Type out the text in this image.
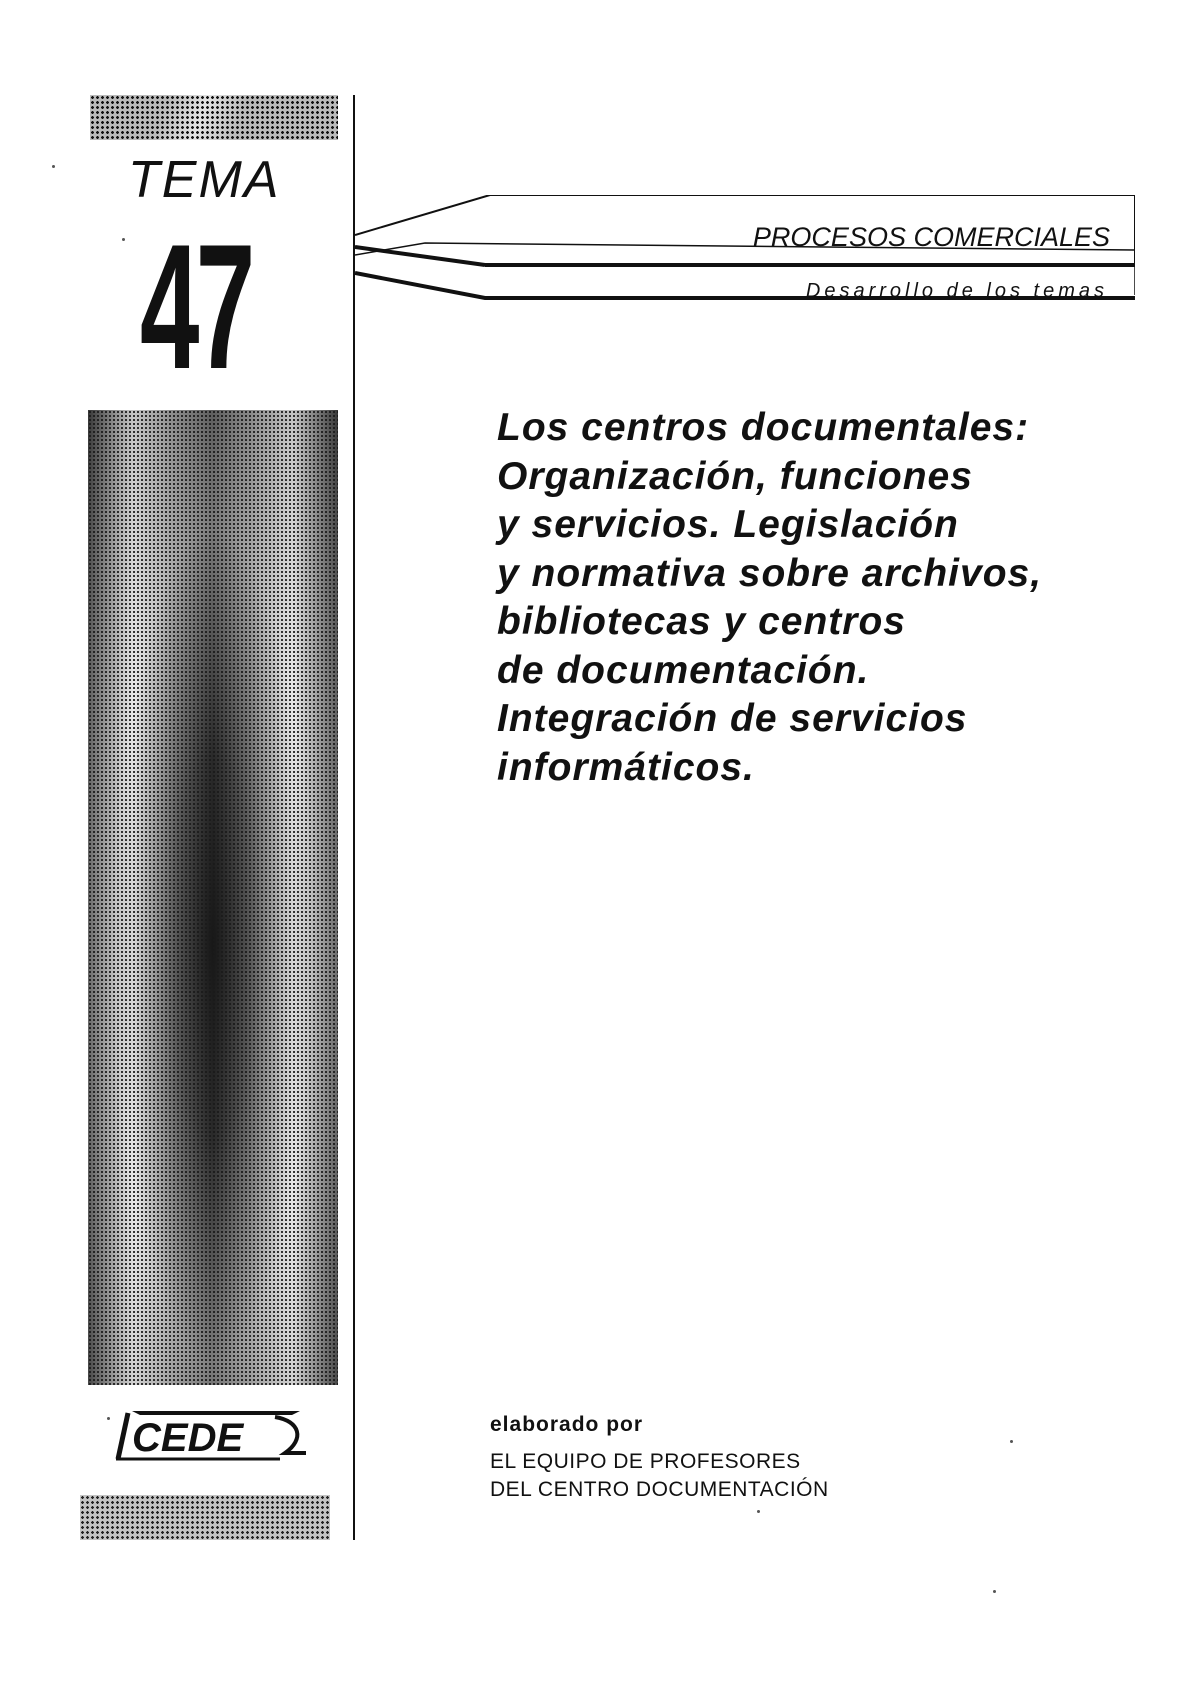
TEMA
47
CEDE
PROCESOS COMERCIALES
Desarrollo de los temas
Los centros documentales:
Organización, funciones
y servicios. Legislación
y normativa sobre archivos,
bibliotecas y centros
de documentación.
Integración de servicios
informáticos.
elaborado por
EL EQUIPO DE PROFESORES
DEL CENTRO DOCUMENTACIÓN
